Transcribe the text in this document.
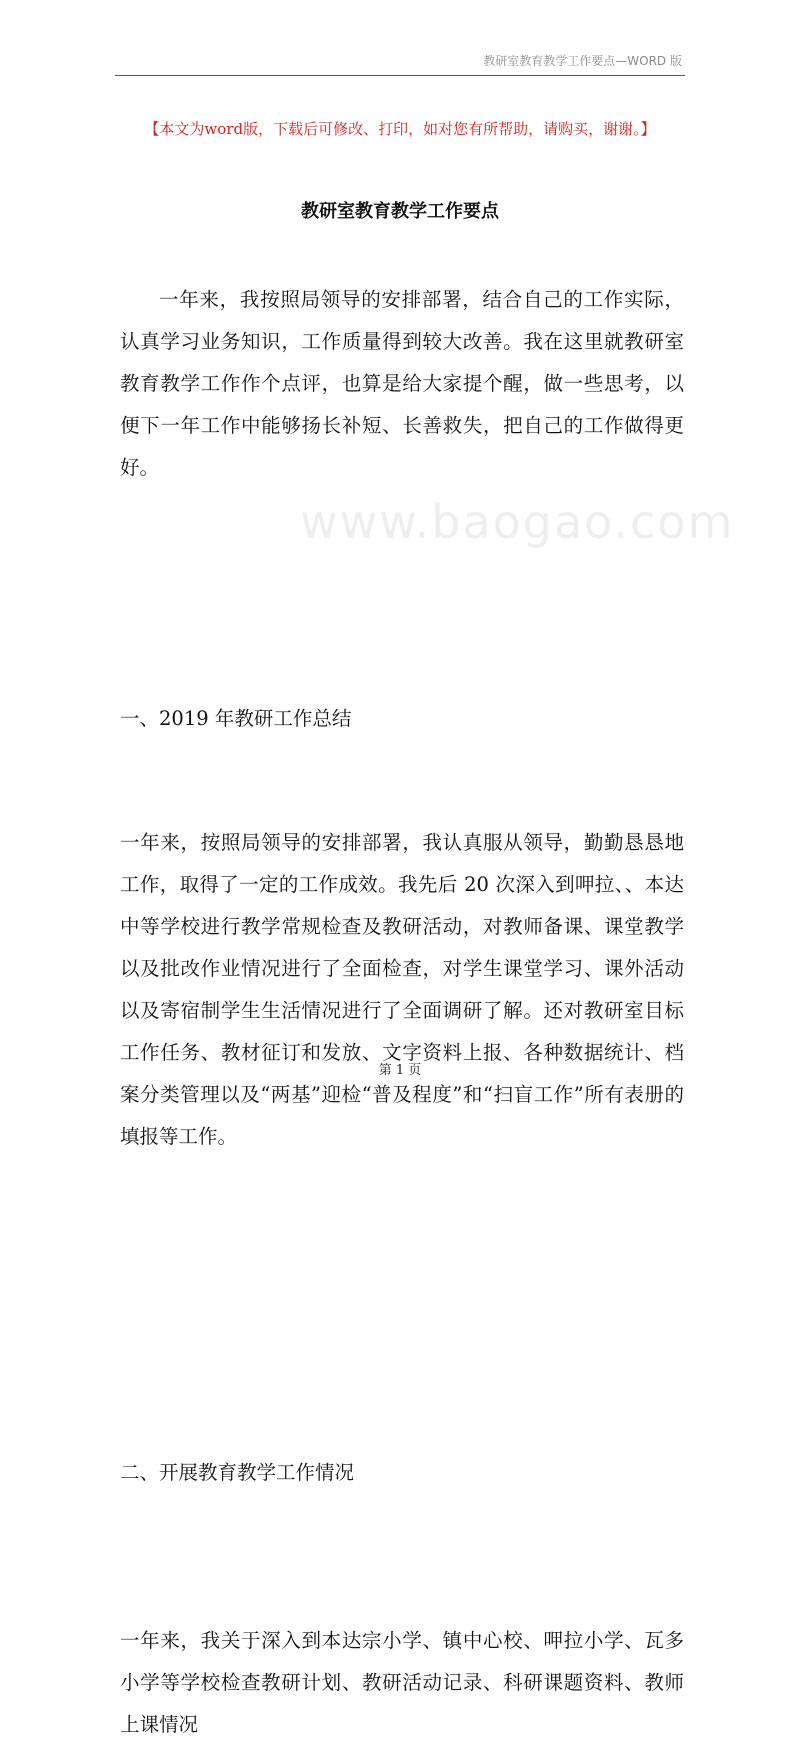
教研室教育教学工作要点—WORD 版
www.baogao.com
【本文为word版，下载后可修改、打印，如对您有所帮助，请购买，谢谢。】
教研室教育教学工作要点

一年来，我按照局领导的安排部署，结合自己的工作实际，认真学习业务知识，工作质量得到较大改善。我在这里就教研室教育教学工作作个点评，也算是给大家提个醒，做一些思考，以便下一年工作中能够扬长补短、长善救失，把自己的工作做得更好。

一、2019 年教研工作总结

一年来，按照局领导的安排部署，我认真服从领导，勤勤恳恳地工作，取得了一定的工作成效。我先后 20 次深入到呷拉、、本达中等学校进行教学常规检查及教研活动，对教师备课、课堂教学以及批改作业情况进行了全面检查，对学生课堂学习、课外活动以及寄宿制学生生活情况进行了全面调研了解。还对教研室目标工作任务、教材征订和发放、文字资料上报、各种数据统计、档案分类管理以及“两基”迎检“普及程度”和“扫盲工作”所有表册的填报等工作。

二、开展教育教学工作情况

一年来，我关于深入到本达宗小学、镇中心校、呷拉小学、瓦多小学等学校检查教研计划、教研活动记录、科研课题资料、教师上课情况

第 1 页
